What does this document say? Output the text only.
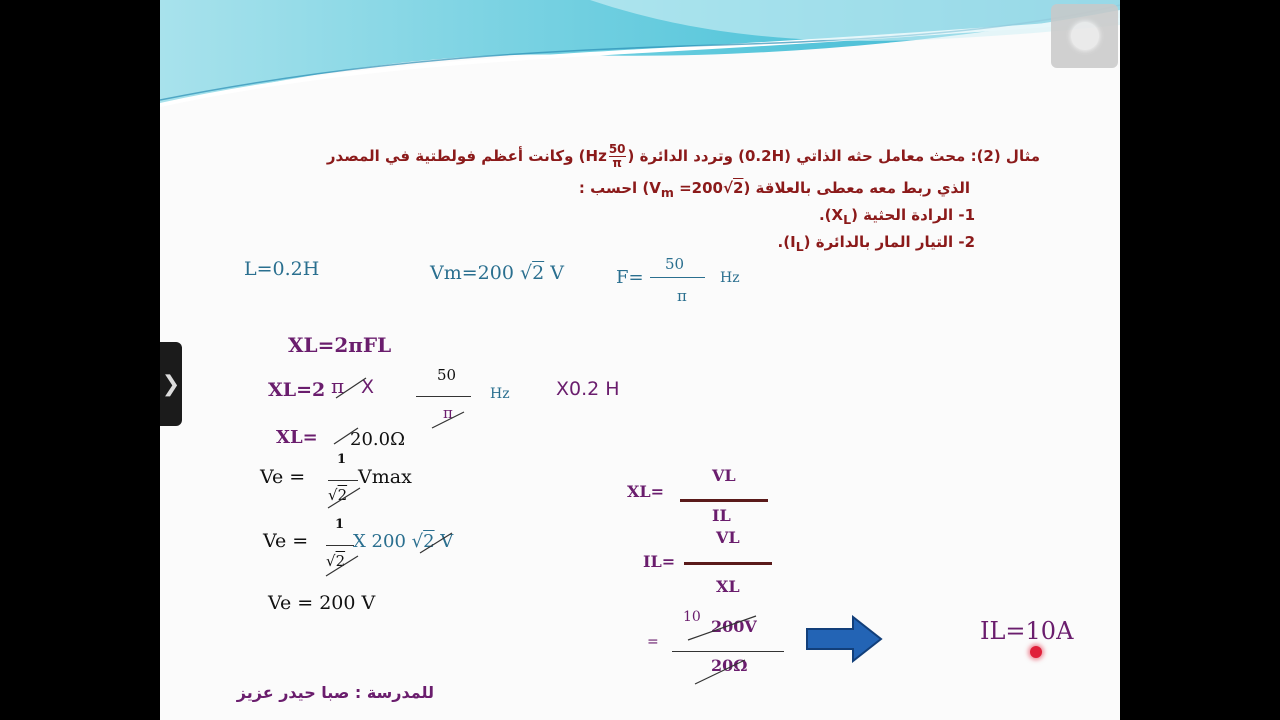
مثال (2): محث معامل حثه الذاتي (0.2H) وتردد الدائرة (
$\frac{50}{\pi}$
Hz) وكانت أعظم فولطتية في المصدر
الذي ربط معه معطى بالعلاقة $(V_m =200√2)$ احسب :
1- الرادة الحثية $(X_L)$.
2- التيار المار بالدائرة $(I_L)$.
L=0.2H	Vm=200 √2 V	F=
50
π
Hz
XL=2πFL
XL=2 π X
50
π
Hz X0.2 H
XL= 20.0Ω
Ve =
1
√2
Vmax
Ve =
1
√2
X 200 √2 V
Ve = 200 V
XL=
VL
IL
IL=
VL
XL
=
10 200V
20Ω
IL=10A
للمدرسة : صبا حيدر عزيز
❯
